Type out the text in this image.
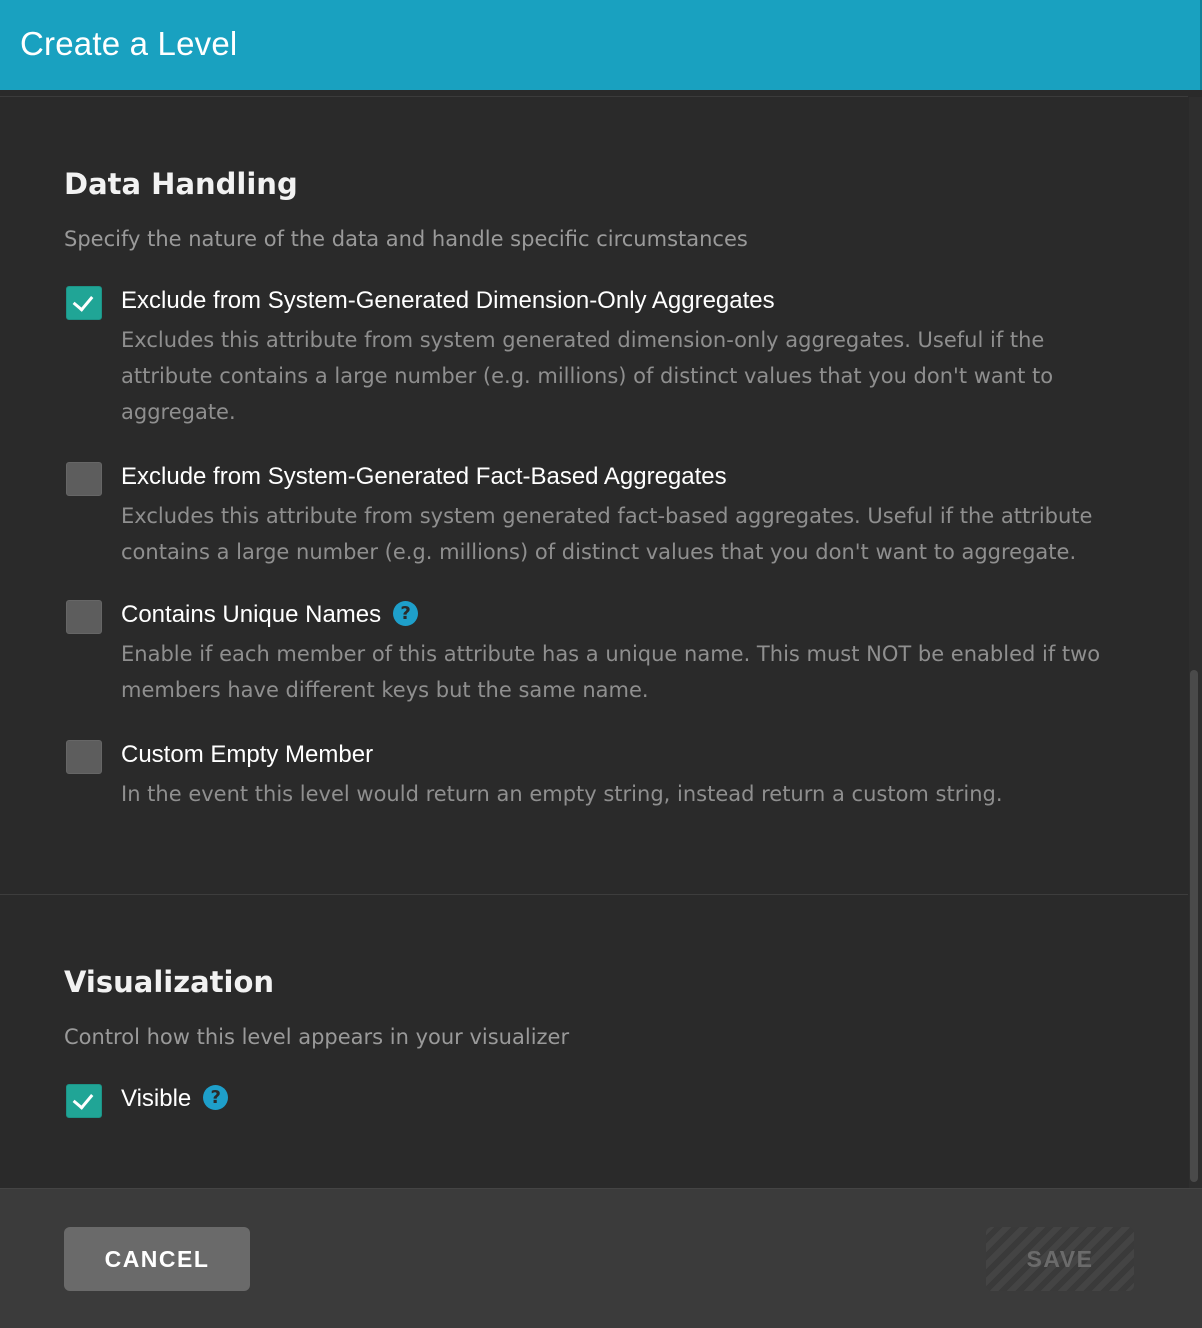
Create a Level
Data Handling
Specify the nature of the data and handle specific circumstances
Exclude from System-Generated Dimension-Only Aggregates
Excludes this attribute from system generated dimension-only aggregates. Useful if the attribute contains a large number (e.g. millions) of distinct values that you don't want to aggregate.
Exclude from System-Generated Fact-Based Aggregates
Excludes this attribute from system generated fact-based aggregates. Useful if the attribute contains a large number (e.g. millions) of distinct values that you don't want to aggregate.
Contains Unique Names ?
Enable if each member of this attribute has a unique name. This must NOT be enabled if two members have different keys but the same name.
Custom Empty Member
In the event this level would return an empty string, instead return a custom string.
Visualization
Control how this level appears in your visualizer
Visible ?
CANCEL	SAVE
